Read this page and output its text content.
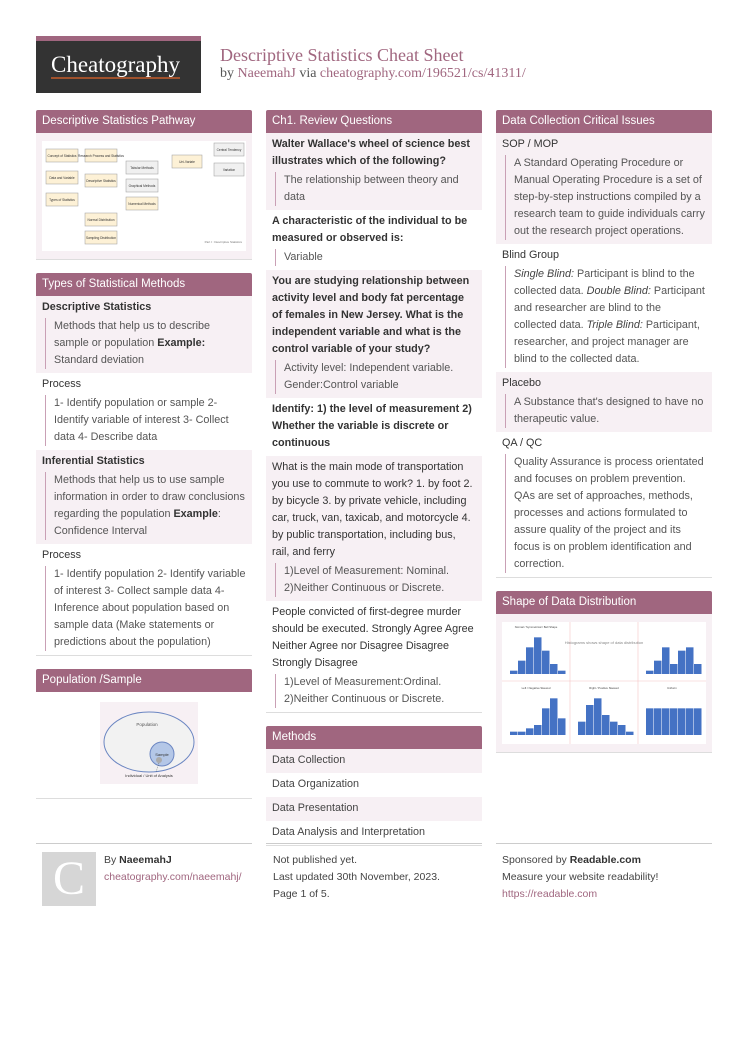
Cheatography Descriptive Statistics Cheat Sheet
by NaeemahJ via cheatography.com/196521/cs/41311/
Descriptive Statistics Pathway
Concept of Statistics Research Process and Statistics
Data and Variable
Descriptive Statistics
Types of Statistics
Tabular Methods
Graphical Methods
Numerical Methods
Normal Distribution
Sampling Distribution
Uni-Variate
Central Tendency
Variation
Part I : Descriptive Statistics
Types of Statistical Methods
Descriptive Statistics
Methods that help us to describe sample or population Example: Standard deviation
Process
1- Identify population or sample 2- Identify variable of interest 3- Collect data 4- Describe data
Inferential Statistics
Methods that help us to use sample information in order to draw conclusions regarding the population Example: Confidence Interval
Process
1- Identify population 2- Identify variable of interest 3- Collect sample data 4- Inference about population based on sample data (Make statements or predictions about the population)
Population /Sample
Population
Sample
Individual / Unit of Analysis
Ch1. Review Questions
Walter Wallace's wheel of science best illustrates which of the following?
The relationship between theory and data
A characteristic of the individual to be measured or observed is:
Variable
You are studying relationship between activity level and body fat percentage of females in New Jersey. What is the independent variable and what is the control variable of your study?
Activity level: Independent variable. Gender:Control variable
Identify: 1) the level of measurement 2) Whether the variable is discrete or continuous
What is the main mode of transportation you use to commute to work? 1. by foot 2. by bicycle 3. by private vehicle, including car, truck, van, taxicab, and motorcycle 4. by public transportation, including bus, rail, and ferry
1)Level of Measurement: Nominal.
2)Neither Continuous or Discrete.
People convicted of first-degree murder should be executed. Strongly Agree Agree Neither Agree nor Disagree Disagree Strongly Disagree
1)Level of Measurement:Ordinal.
2)Neither Continuous or Discrete.
Methods
Data Collection
Data Organization
Data Presentation
Data Analysis and Interpretation
Data Collection Critical Issues
SOP / MOP
A Standard Operating Procedure or Manual Operating Procedure is a set of step-by-step instructions compiled by a research team to guide individuals carry out the research project operations.
Blind Group
Single Blind: Participant is blind to the collected data. Double Blind: Participant and researcher are blind to the collected data. Triple Blind: Participant, researcher, and project manager are blind to the collected data.
Placebo
A Substance that's designed to have no therapeutic value.
QA / QC
Quality Assurance is process orientated and focuses on problem prevention. QAs are set of approaches, methods, processes and actions formulated to assure quality of the project and its focus is on problem identification and correction.
Shape of Data Distribution
Normal / Symmetrical / Bell Shape
Left / Negative Skewed	Right / Positive Skewed	Uniform
Histograms shows shape of data distribution
C	By NaeemahJ
cheatography.com/naeemahj/
Not published yet.
Last updated 30th November, 2023.
Page 1 of 5.
Sponsored by Readable.com
Measure your website readability!
https://readable.com
